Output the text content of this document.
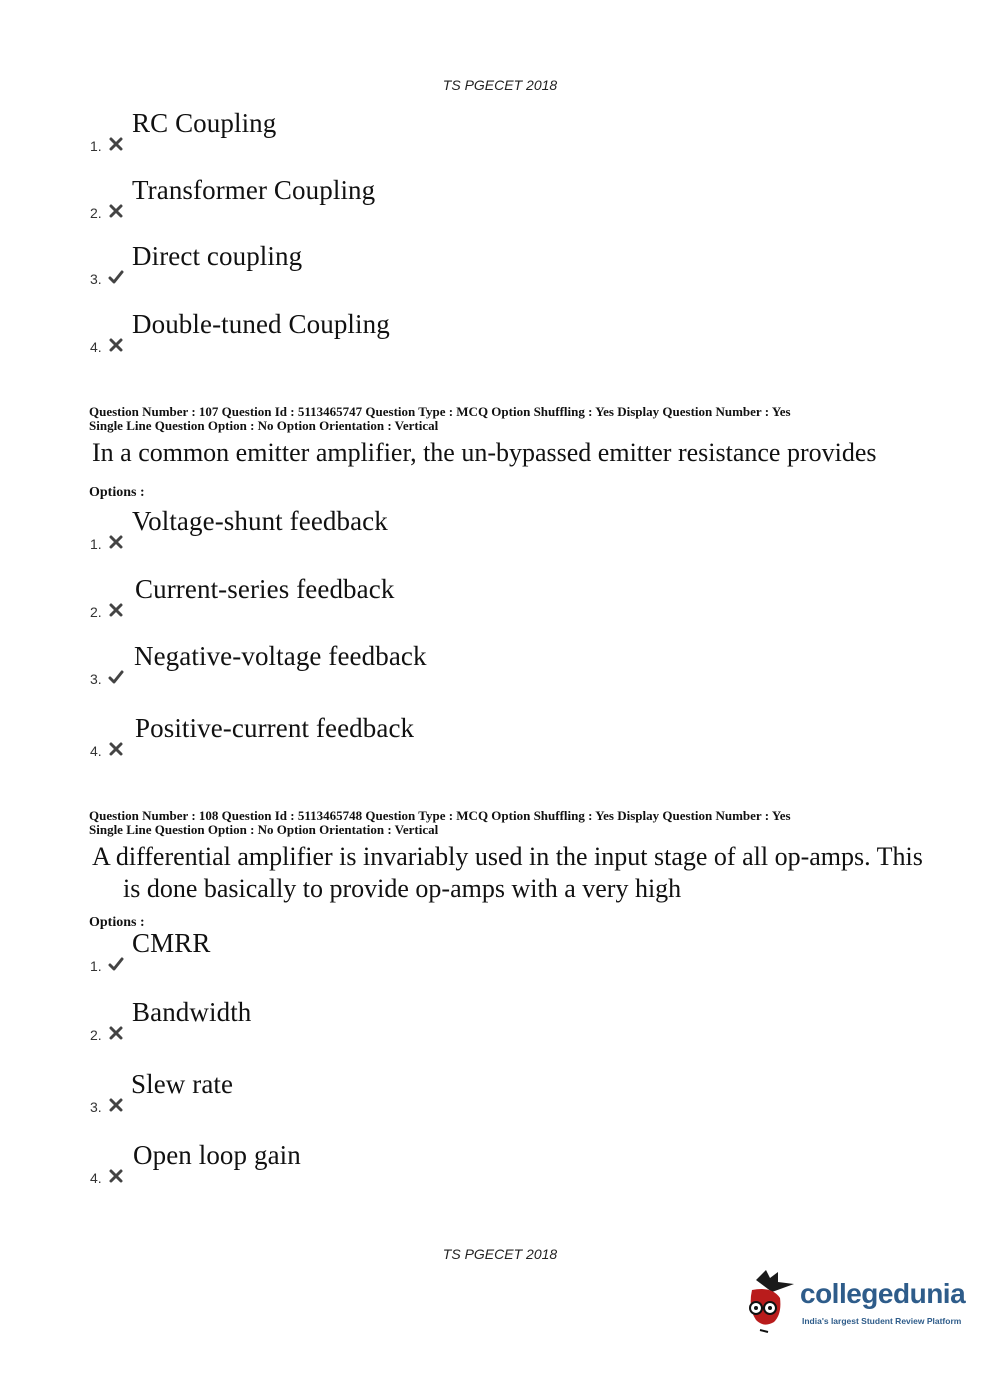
TS PGECET 2018
1.
RC Coupling
2.
Transformer Coupling
3.
Direct coupling
4.
Double-tuned Coupling
Question Number : 107 Question Id : 5113465747 Question Type : MCQ Option Shuffling : Yes Display Question Number : Yes
Single Line Question Option : No Option Orientation : Vertical
In a common emitter amplifier, the un-bypassed emitter resistance provides
Options :
1.
Voltage-shunt feedback
2.
Current-series feedback
3.
Negative-voltage feedback
4.
Positive-current feedback
Question Number : 108 Question Id : 5113465748 Question Type : MCQ Option Shuffling : Yes Display Question Number : Yes
Single Line Question Option : No Option Orientation : Vertical
A differential amplifier is invariably used in the input stage of all op-amps. This
is done basically to provide op-amps with a very high
Options :
1.
CMRR
2.
Bandwidth
3.
Slew rate
4.
Open loop gain
TS PGECET 2018
collegedunia
India's largest Student Review Platform
